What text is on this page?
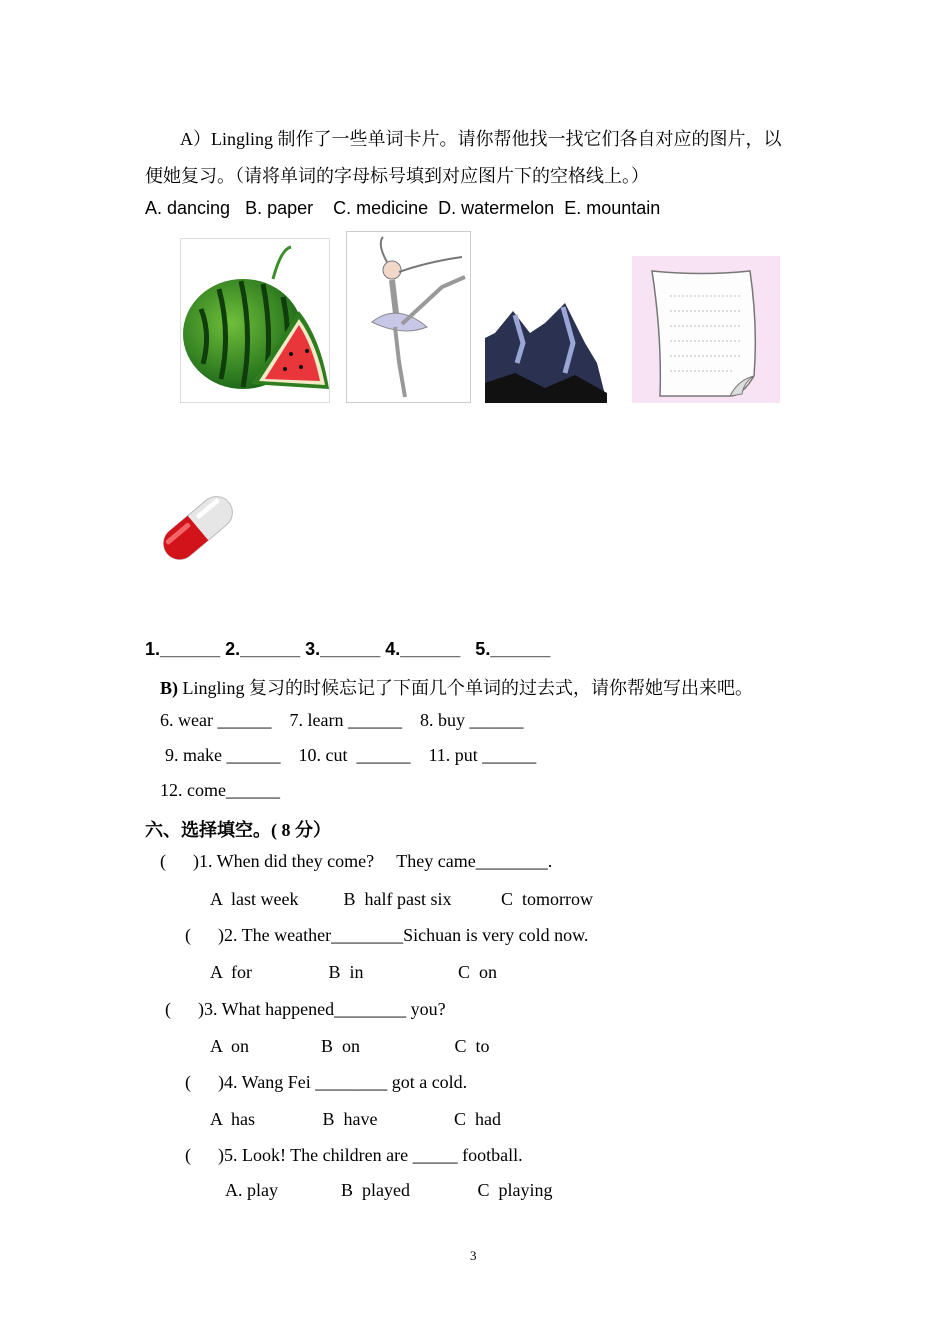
A）Lingling 制作了一些单词卡片。请你帮他找一找它们各自对应的图片，以
便她复习。（请将单词的字母标号填到对应图片下的空格线上。）
A. dancing   B. paper    C. medicine  D. watermelon  E. mountain
1.______ 2.______ 3.______ 4.______   5.______
B) Lingling 复习的时候忘记了下面几个单词的过去式，请你帮她写出来吧。
6. wear ______    7. learn ______    8. buy ______
9. make ______    10. cut  ______    11. put ______
12. come______
六、选择填空。( 8 分）
(      )1. When did they come?     They came________.
A  last week          B  half past six           C  tomorrow
(      )2. The weather________Sichuan is very cold now.
A  for                 B  in                     C  on
(      )3. What happened________ you?
A  on                B  on                     C  to
(      )4. Wang Fei ________ got a cold.
A  has               B  have                 C  had
(      )5. Look! The children are _____ football.
A. play              B  played               C  playing
3
